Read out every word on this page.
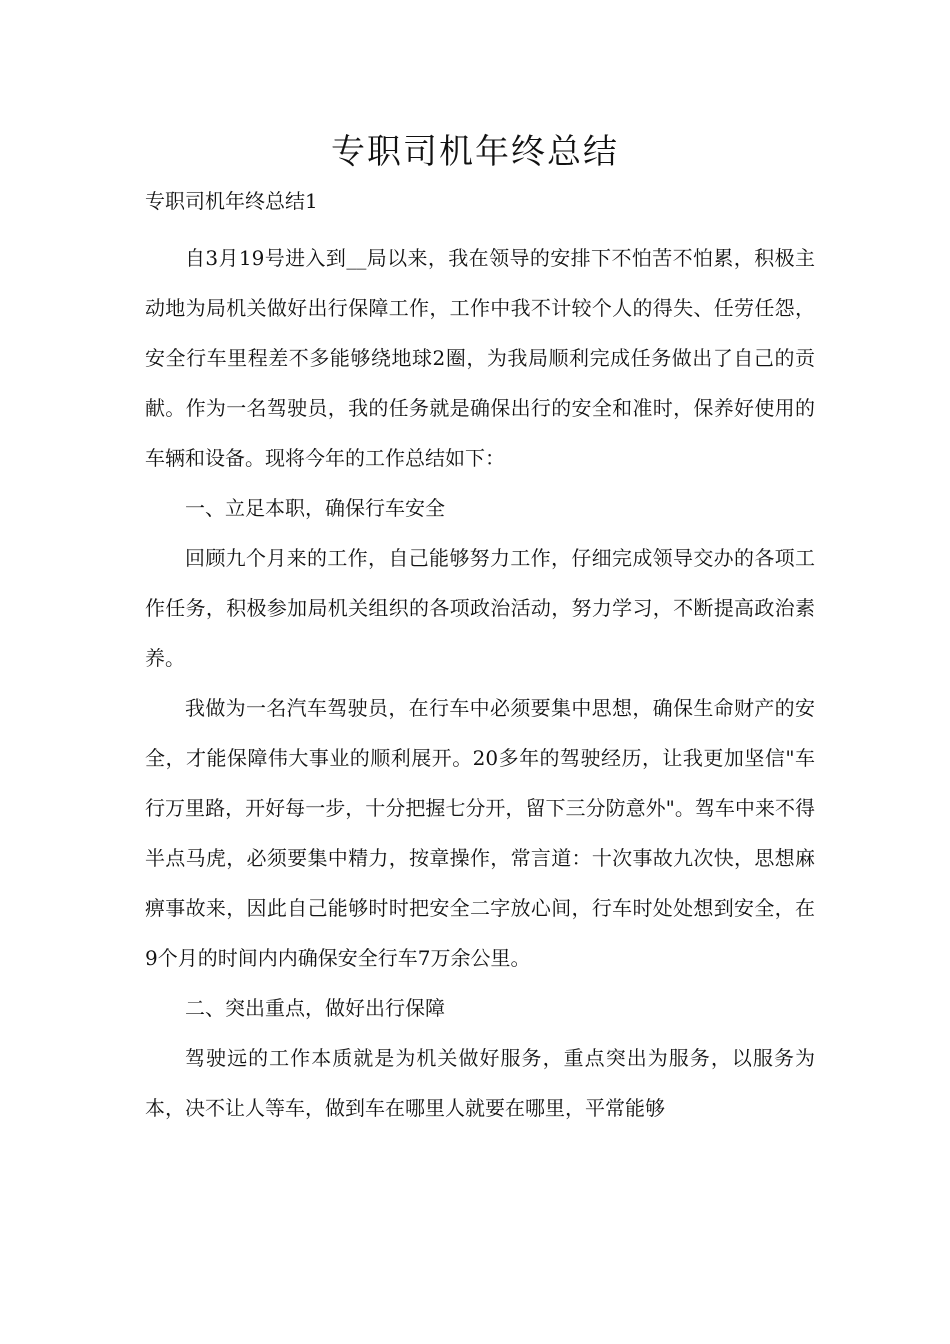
专职司机年终总结

专职司机年终总结1

自3月19号进入到__局以来，我在领导的安排下不怕苦不怕累，积极主动地为局机关做好出行保障工作，工作中我不计较个人的得失、任劳任怨，安全行车里程差不多能够绕地球2圈，为我局顺利完成任务做出了自己的贡献。作为一名驾驶员，我的任务就是确保出行的安全和准时，保养好使用的车辆和设备。现将今年的工作总结如下：

一、立足本职，确保行车安全

回顾九个月来的工作，自己能够努力工作，仔细完成领导交办的各项工作任务，积极参加局机关组织的各项政治活动，努力学习，不断提高政治素养。

我做为一名汽车驾驶员，在行车中必须要集中思想，确保生命财产的安全，才能保障伟大事业的顺利展开。20多年的驾驶经历，让我更加坚信"车行万里路，开好每一步，十分把握七分开，留下三分防意外"。驾车中来不得半点马虎，必须要集中精力，按章操作，常言道：十次事故九次快，思想麻痹事故来，因此自己能够时时把安全二字放心间，行车时处处想到安全，在9个月的时间内内确保安全行车7万余公里。

二、突出重点，做好出行保障

驾驶远的工作本质就是为机关做好服务，重点突出为服务，以服务为本，决不让人等车，做到车在哪里人就要在哪里，平常能够
